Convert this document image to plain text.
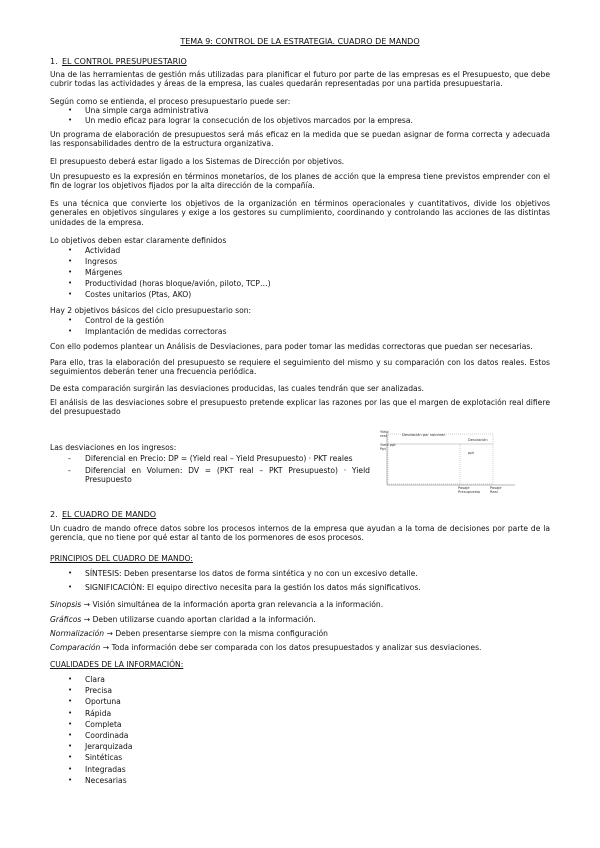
TEMA 9: CONTROL DE LA ESTRATEGIA. CUADRO DE MANDO
1. EL CONTROL PRESUPUESTARIO
Una de las herramientas de gestión más utilizadas para planificar el futuro por parte de las empresas es el Presupuesto, que debe cubrir todas las actividades y áreas de la empresa, las cuales quedarán representadas por una partida presupuestaria.
Según como se entienda, el proceso presupuestario puede ser:
• Una simple carga administrativa
• Un medio eficaz para lograr la consecución de los objetivos marcados por la empresa.
Un programa de elaboración de presupuestos será más eficaz en la medida que se puedan asignar de forma correcta y adecuada las responsabilidades dentro de la estructura organizativa.
El presupuesto deberá estar ligado a los Sistemas de Dirección por objetivos.
Un presupuesto es la expresión en términos monetarios, de los planes de acción que la empresa tiene previstos emprender con el fin de lograr los objetivos fijados por la alta dirección de la compañía.
Es una técnica que convierte los objetivos de la organización en términos operacionales y cuantitativos, divide los objetivos generales en objetivos singulares y exige a los gestores su cumplimiento, coordinando y controlando las acciones de las distintas unidades de la empresa.
Lo objetivos deben estar claramente definidos
• Actividad
• Ingresos
• Márgenes
• Productividad (horas bloque/avión, piloto, TCP…)
• Costes unitarios (Ptas, AKO)
Hay 2 objetivos básicos del ciclo presupuestario son:
• Control de la gestión
• Implantación de medidas correctoras
Con ello podemos plantear un Análisis de Desviaciones, para poder tomar las medidas correctoras que puedan ser necesarias.
Para ello, tras la elaboración del presupuesto se requiere el seguimiento del mismo y su comparación con los datos reales. Estos seguimientos deberán tener una frecuencia periódica.
De esta comparación surgirán las desviaciones producidas, las cuales tendrán que ser analizadas.
El análisis de las desviaciones sobre el presupuesto pretende explicar las razones por las que el margen de explotación real difiere del presupuestado
Las desviaciones en los ingresos:
- Diferencial en Precio: DP = (Yield real – Yield Presupuesto) · PKT reales
- Diferencial en Volumen: DV = (PKT real – PKT Presupuesto) · Yield Presupuesto
Yield
real	Desviación por volumen
Desviación
ppt
Yield ppt
Ppt
Pasaje
Presupuesto
Pasaje
Real
2. EL CUADRO DE MANDO
Un cuadro de mando ofrece datos sobre los procesos internos de la empresa que ayudan a la toma de decisiones por parte de la gerencia, que no tiene por qué estar al tanto de los pormenores de esos procesos.
PRINCIPIOS DEL CUADRO DE MANDO:
• SÍNTESIS: Deben presentarse los datos de forma sintética y no con un excesivo detalle.
• SIGNIFICACIÓN: El equipo directivo necesita para la gestión los datos más significativos.
Sinopsis → Visión simultánea de la información aporta gran relevancia a la información.
Gráficos → Deben utilizarse cuando aportan claridad a la información.
Normalización → Deben presentarse siempre con la misma configuración
Comparación → Toda información debe ser comparada con los datos presupuestados y analizar sus desviaciones.
CUALIDADES DE LA INFORMACIÓN:
• Clara
• Precisa
• Oportuna
• Rápida
• Completa
• Coordinada
• Jerarquizada
• Sintéticas
• Integradas
• Necesarias
